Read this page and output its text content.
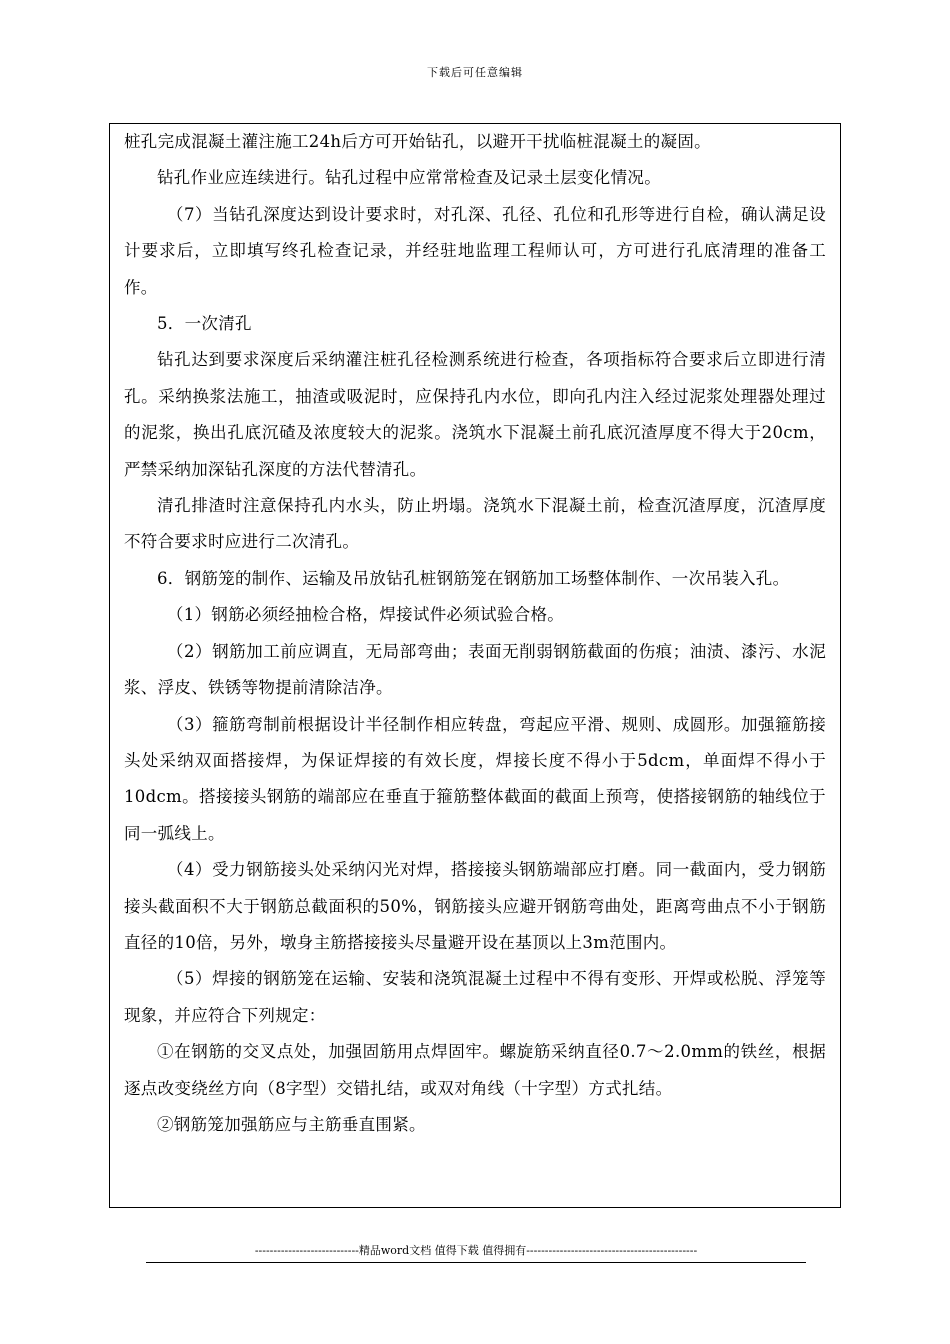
下载后可任意编辑

桩孔完成混凝土灌注施工24h后方可开始钻孔，以避开干扰临桩混凝土的凝固。

钻孔作业应连续进行。钻孔过程中应常常检查及记录土层变化情况。

（7）当钻孔深度达到设计要求时，对孔深、孔径、孔位和孔形等进行自检，确认满足设计要求后，立即填写终孔检查记录，并经驻地监理工程师认可，方可进行孔底清理的准备工作。

5．一次清孔

钻孔达到要求深度后采纳灌注桩孔径检测系统进行检查，各项指标符合要求后立即进行清孔。采纳换浆法施工，抽渣或吸泥时，应保持孔内水位，即向孔内注入经过泥浆处理器处理过的泥浆，换出孔底沉碴及浓度较大的泥浆。浇筑水下混凝土前孔底沉渣厚度不得大于20cm，严禁采纳加深钻孔深度的方法代替清孔。

清孔排渣时注意保持孔内水头，防止坍塌。浇筑水下混凝土前，检查沉渣厚度，沉渣厚度不符合要求时应进行二次清孔。

6．钢筋笼的制作、运输及吊放钻孔桩钢筋笼在钢筋加工场整体制作、一次吊装入孔。

（1）钢筋必须经抽检合格，焊接试件必须试验合格。

（2）钢筋加工前应调直，无局部弯曲；表面无削弱钢筋截面的伤痕；油渍、漆污、水泥浆、浮皮、铁锈等物提前清除洁净。

（3）箍筋弯制前根据设计半径制作相应转盘，弯起应平滑、规则、成圆形。加强箍筋接头处采纳双面搭接焊，为保证焊接的有效长度，焊接长度不得小于5dcm，单面焊不得小于10dcm。搭接接头钢筋的端部应在垂直于箍筋整体截面的截面上预弯，使搭接钢筋的轴线位于同一弧线上。

（4）受力钢筋接头处采纳闪光对焊，搭接接头钢筋端部应打磨。同一截面内，受力钢筋接头截面积不大于钢筋总截面积的50%，钢筋接头应避开钢筋弯曲处，距离弯曲点不小于钢筋直径的10倍，另外，墩身主筋搭接接头尽量避开设在基顶以上3m范围内。

（5）焊接的钢筋笼在运输、安装和浇筑混凝土过程中不得有变形、开焊或松脱、浮笼等现象，并应符合下列规定：

①在钢筋的交叉点处，加强固筋用点焊固牢。螺旋筋采纳直径0.7～2.0mm的铁丝，根据逐点改变绕丝方向（8字型）交错扎结，或双对角线（十字型）方式扎结。

②钢筋笼加强筋应与主筋垂直围紧。

----------------------------精品word文档 值得下载 值得拥有----------------------------------------------
